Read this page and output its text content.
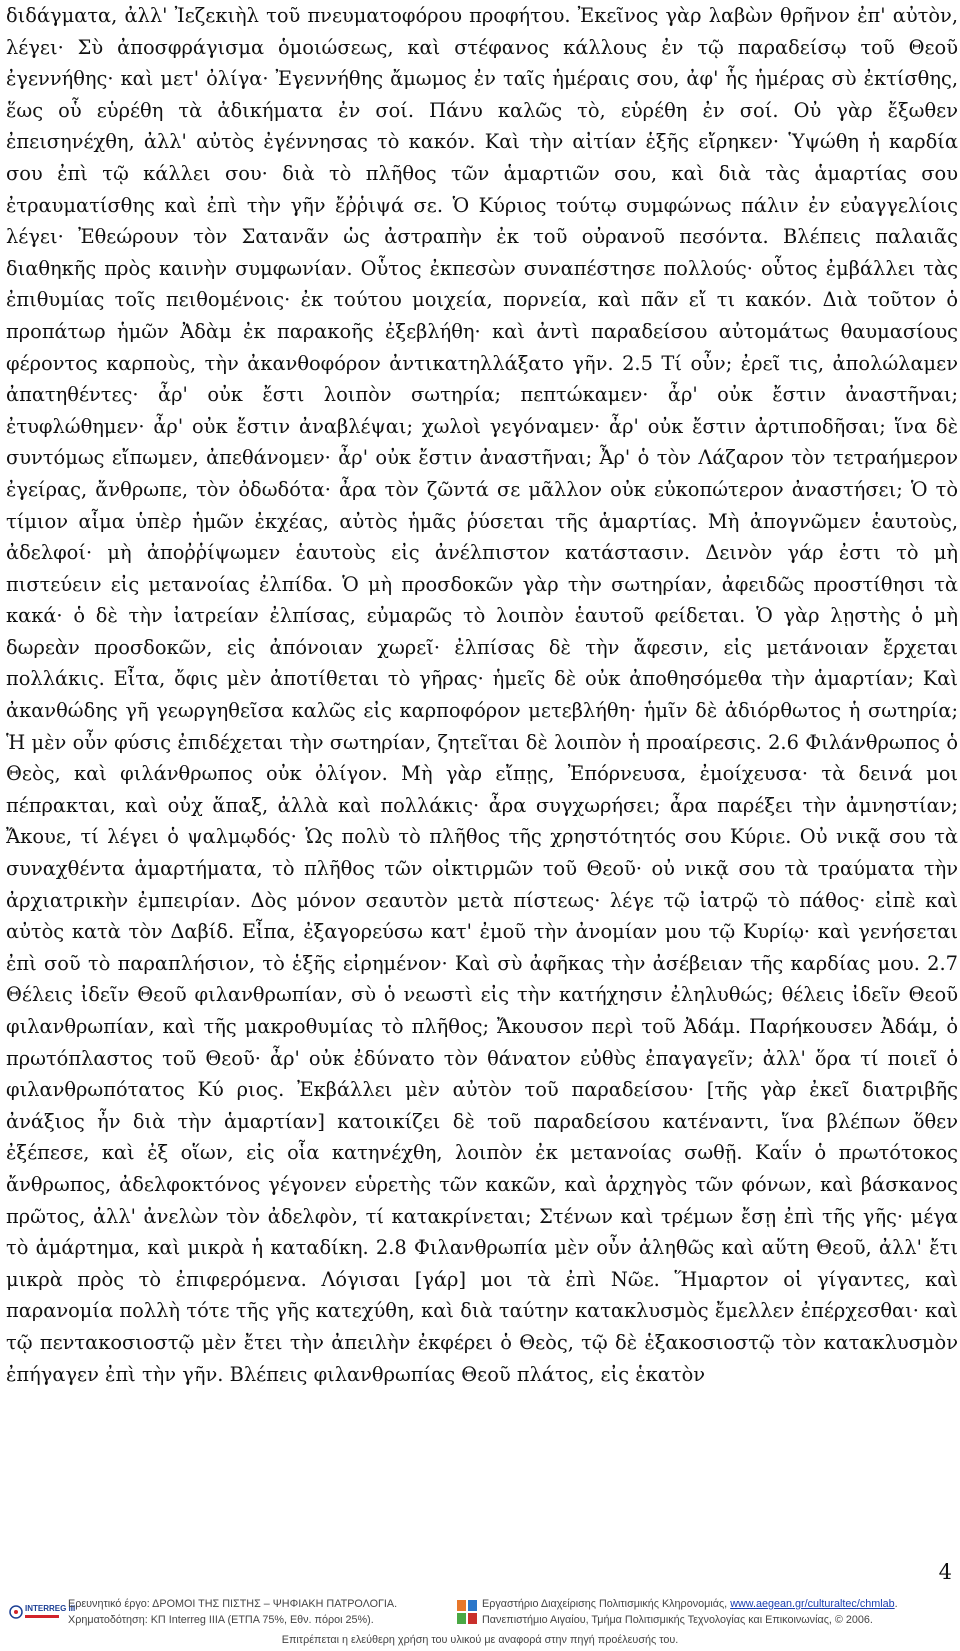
διδάγματα, ἀλλ' Ἰεζεκιὴλ τοῦ πνευματοφόρου προφήτου. Ἐκεῖνος γὰρ λαβὼν θρῆνον ἐπ' αὐτὸν, λέγει· Σὺ ἀποσφράγισμα ὁμοιώσεως, καὶ στέφανος κάλλους ἐν τῷ παραδείσῳ τοῦ Θεοῦ ἐγεννήθης· καὶ μετ' ὀλίγα· Ἐγεννήθης ἄμωμος ἐν ταῖς ἡμέραις σου, ἀφ' ἧς ἡμέρας σὺ ἐκτίσθης, ἕως οὗ εὑρέθη τὰ ἀδικήματα ἐν σοί. Πάνυ καλῶς τὸ, εὑρέθη ἐν σοί. Οὐ γὰρ ἔξωθεν ἐπεισηνέχθη, ἀλλ' αὐτὸς ἐγέννησας τὸ κακόν. Καὶ τὴν αἰτίαν ἑξῆς εἴρηκεν· Ὑψώθη ἡ καρδία σου ἐπὶ τῷ κάλλει σου· διὰ τὸ πλῆθος τῶν ἁμαρτιῶν σου, καὶ διὰ τὰς ἁμαρτίας σου ἐτραυματίσθης καὶ ἐπὶ τὴν γῆν ἔῤῥιψά σε. Ὁ Κύριος τούτῳ συμφώνως πάλιν ἐν εὐαγγελίοις λέγει· Ἐθεώρουν τὸν Σατανᾶν ὡς ἀστραπὴν ἐκ τοῦ οὐρανοῦ πεσόντα. Βλέπεις παλαιᾶς διαθηκῆς πρὸς καινὴν συμφωνίαν. Οὗτος ἐκπεσὼν συναπέστησε πολλούς· οὗτος ἐμβάλλει τὰς ἐπιθυμίας τοῖς πειθομένοις· ἐκ τούτου μοιχεία, πορνεία, καὶ πᾶν εἴ τι κακόν. Διὰ τοῦτον ὁ προπάτωρ ἡμῶν Ἀδὰμ ἐκ παρακοῆς ἐξεβλήθη· καὶ ἀντὶ παραδείσου αὐτομάτως θαυμασίους φέροντος καρποὺς, τὴν ἀκανθοφόρον ἀντικατηλλάξατο γῆν. 2.5 Τί οὖν; ἐρεῖ τις, ἀπολώλαμεν ἀπατηθέντες· ἆρ' οὐκ ἔστι λοιπὸν σωτηρία; πεπτώκαμεν· ἆρ' οὐκ ἔστιν ἀναστῆναι; ἐτυφλώθημεν· ἆρ' οὐκ ἔστιν ἀναβλέψαι; χωλοὶ γεγόναμεν· ἆρ' οὐκ ἔστιν ἀρτιποδῆσαι; ἵνα δὲ συντόμως εἴπωμεν, ἀπεθάνομεν· ἆρ' οὐκ ἔστιν ἀναστῆναι; Ἆρ' ὁ τὸν Λάζαρον τὸν τετραήμερον ἐγείρας, ἄνθρωπε, τὸν ὀδωδότα· ἆρα τὸν ζῶντά σε μᾶλλον οὐκ εὐκοπώτερον ἀναστήσει; Ὁ τὸ τίμιον αἷμα ὑπὲρ ἡμῶν ἐκχέας, αὐτὸς ἡμᾶς ῥύσεται τῆς ἁμαρτίας. Μὴ ἀπογνῶμεν ἑαυτοὺς, ἀδελφοί· μὴ ἀποῤῥίψωμεν ἑαυτοὺς εἰς ἀνέλπιστον κατάστασιν. Δεινὸν γάρ ἐστι τὸ μὴ πιστεύειν εἰς μετανοίας ἐλπίδα. Ὁ μὴ προσδοκῶν γὰρ τὴν σωτηρίαν, ἀφειδῶς προστίθησι τὰ κακά· ὁ δὲ τὴν ἰατρείαν ἐλπίσας, εὐμαρῶς τὸ λοιπὸν ἑαυτοῦ φείδεται. Ὁ γὰρ λῃστὴς ὁ μὴ δωρεὰν προσδοκῶν, εἰς ἀπόνοιαν χωρεῖ· ἐλπίσας δὲ τὴν ἄφεσιν, εἰς μετάνοιαν ἔρχεται πολλάκις. Εἶτα, ὄφις μὲν ἀποτίθεται τὸ γῆρας· ἡμεῖς δὲ οὐκ ἀποθησόμεθα τὴν ἁμαρτίαν; Καὶ ἀκανθώδης γῆ γεωργηθεῖσα καλῶς εἰς καρποφόρον μετεβλήθη· ἡμῖν δὲ ἀδιόρθωτος ἡ σωτηρία; Ἡ μὲν οὖν φύσις ἐπιδέχεται τὴν σωτηρίαν, ζητεῖται δὲ λοιπὸν ἡ προαίρεσις. 2.6 Φιλάνθρωπος ὁ Θεὸς, καὶ φιλάνθρωπος οὐκ ὀλίγον. Μὴ γὰρ εἴπῃς, Ἐπόρνευσα, ἐμοίχευσα· τὰ δεινά μοι πέπρακται, καὶ οὐχ ἅπαξ, ἀλλὰ καὶ πολλάκις· ἆρα συγχωρήσει; ἆρα παρέξει τὴν ἀμνηστίαν; Ἄκουε, τί λέγει ὁ ψαλμῳδός· Ὡς πολὺ τὸ πλῆθος τῆς χρηστότητός σου Κύριε. Οὐ νικᾷ σου τὰ συναχθέντα ἁμαρτήματα, τὸ πλῆθος τῶν οἰκτιρμῶν τοῦ Θεοῦ· οὐ νικᾷ σου τὰ τραύματα τὴν ἀρχιατρικὴν ἐμπειρίαν. Δὸς μόνον σεαυτὸν μετὰ πίστεως· λέγε τῷ ἰατρῷ τὸ πάθος· εἰπὲ καὶ αὐτὸς κατὰ τὸν Δαβίδ. Εἶπα, ἐξαγορεύσω κατ' ἐμοῦ τὴν ἀνομίαν μου τῷ Κυρίῳ· καὶ γενήσεται ἐπὶ σοῦ τὸ παραπλήσιον, τὸ ἑξῆς εἰρημένον· Καὶ σὺ ἀφῆκας τὴν ἀσέβειαν τῆς καρδίας μου. 2.7 Θέλεις ἰδεῖν Θεοῦ φιλανθρωπίαν, σὺ ὁ νεωστὶ εἰς τὴν κατήχησιν ἐληλυθώς; θέλεις ἰδεῖν Θεοῦ φιλανθρωπίαν, καὶ τῆς μακροθυμίας τὸ πλῆθος; Ἄκουσον περὶ τοῦ Ἀδάμ. Παρήκουσεν Ἀδάμ, ὁ πρωτόπλαστος τοῦ Θεοῦ· ἆρ' οὐκ ἐδύνατο τὸν θάνατον εὐθὺς ἐπαγαγεῖν; ἀλλ' ὅρα τί ποιεῖ ὁ φιλανθρωπότατος Κύ ριος. Ἐκβάλλει μὲν αὐτὸν τοῦ παραδείσου· [τῆς γὰρ ἐκεῖ διατριβῆς ἀνάξιος ἦν διὰ τὴν ἁμαρτίαν] κατοικίζει δὲ τοῦ παραδείσου κατέναντι, ἵνα βλέπων ὅθεν ἐξέπεσε, καὶ ἐξ οἵων, εἰς οἷα κατηνέχθη, λοιπὸν ἐκ μετανοίας σωθῇ. Καΐν ὁ πρωτότοκος ἄνθρωπος, ἀδελφοκτόνος γέγονεν εὑρετὴς τῶν κακῶν, καὶ ἀρχηγὸς τῶν φόνων, καὶ βάσκανος πρῶτος, ἀλλ' ἀνελὼν τὸν ἀδελφὸν, τί κατακρίνεται; Στένων καὶ τρέμων ἔσῃ ἐπὶ τῆς γῆς· μέγα τὸ ἁμάρτημα, καὶ μικρὰ ἡ καταδίκη. 2.8 Φιλανθρωπία μὲν οὖν ἀληθῶς καὶ αὕτη Θεοῦ, ἀλλ' ἔτι μικρὰ πρὸς τὸ ἐπιφερόμενα. Λόγισαι [γάρ] μοι τὰ ἐπὶ Νῶε. Ἥμαρτον οἱ γίγαντες, καὶ παρανομία πολλὴ τότε τῆς γῆς κατεχύθη, καὶ διὰ ταύτην κατακλυσμὸς ἔμελλεν ἐπέρχεσθαι· καὶ τῷ πεντακοσιοστῷ μὲν ἔτει τὴν ἀπειλὴν ἐκφέρει ὁ Θεὸς, τῷ δὲ ἑξακοσιοστῷ τὸν κατακλυσμὸν ἐπήγαγεν ἐπὶ τὴν γῆν. Βλέπεις φιλανθρωπίας Θεοῦ πλάτος, εἰς ἑκατὸν

4
INTERREG III
Ερευνητικό έργο: ΔΡΟΜΟΙ ΤΗΣ ΠΙΣΤΗΣ – ΨΗΦΙΑΚΗ ΠΑΤΡΟΛΟΓΙΑ.
Χρηματοδότηση: ΚΠ Interreg IIIA (ΕΤΠΑ 75%, Εθν. πόροι 25%).
Εργαστήριο Διαχείρισης Πολιτισμικής Κληρονομιάς, www.aegean.gr/culturaltec/chmlab.
Πανεπιστήμιο Αιγαίου, Τμήμα Πολιτισμικής Τεχνολογίας και Επικοινωνίας, © 2006.
Επιτρέπεται η ελεύθερη χρήση του υλικού με αναφορά στην πηγή προέλευσής του.
